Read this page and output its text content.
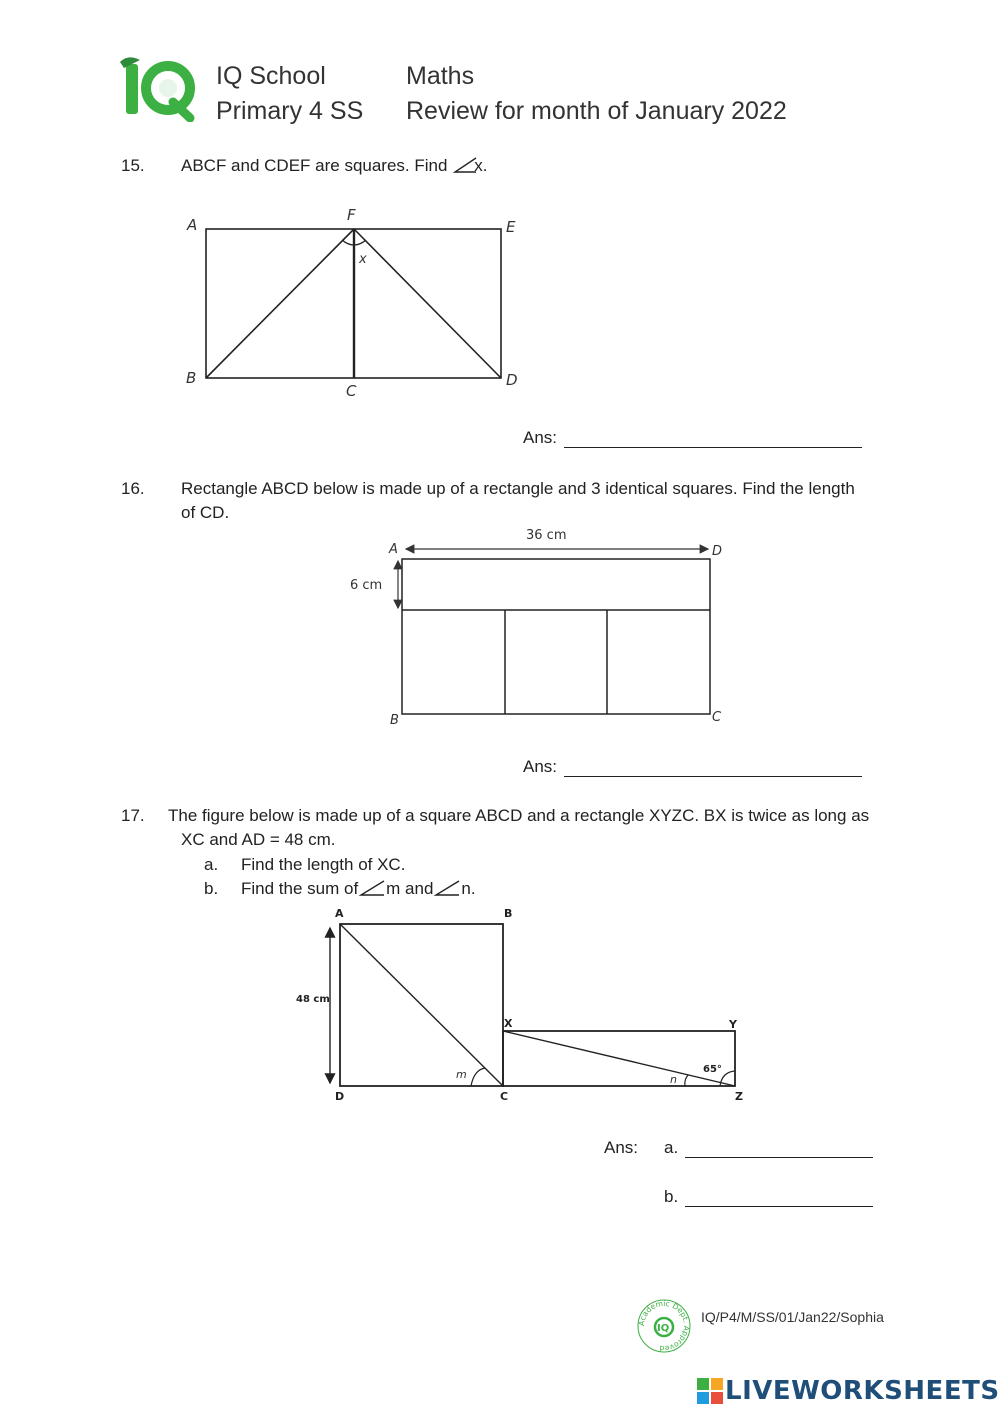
IQ School	Maths
Primary 4 SS Review for month of January 2022
15. ABCF and CDEF are squares. Find x.
A
F
E
B
C
D
x
Ans:
16. Rectangle ABCD below is made up of a rectangle and 3 identical squares. Find the length
of CD.
36 cm
6 cm
A	D
B	C
Ans:
17. The figure below is made up of a square ABCD and a rectangle XYZC. BX is twice as long as
XC and AD = 48 cm.
a. Find the length of XC.
b. Find the sum of m and n.
48 cm
65°
A	B
X	Y
D	C	Z
m	n
Ans: a.
b.
Academic Dept. Approved
IQ
IQ/P4/M/SS/01/Jan22/Sophia
LIVEWORKSHEETS
